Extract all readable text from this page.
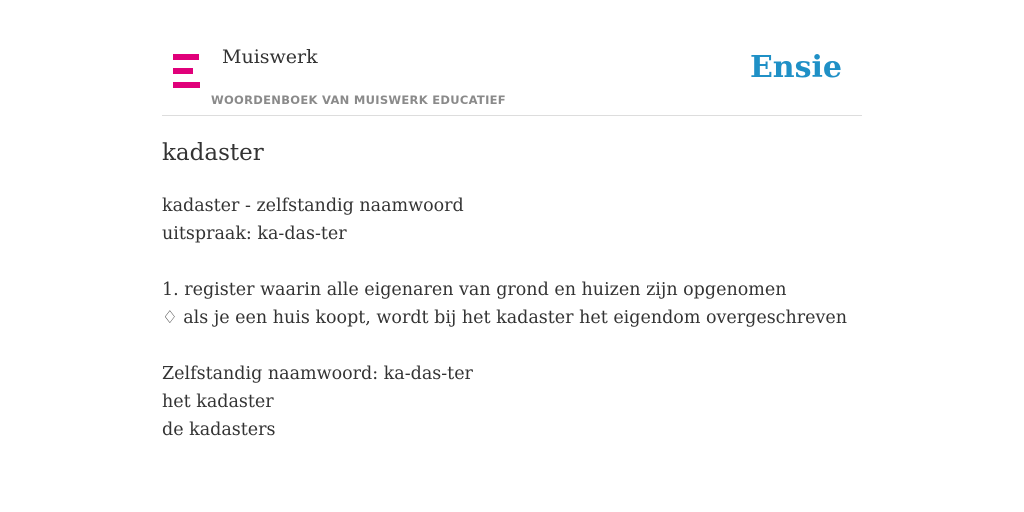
Muiswerk
WOORDENBOEK VAN MUISWERK EDUCATIEF
Ensie
kadaster
kadaster - zelfstandig naamwoord
uitspraak: ka-das-ter
1. register waarin alle eigenaren van grond en huizen zijn opgenomen
♢ als je een huis koopt, wordt bij het kadaster het eigendom overgeschreven
Zelfstandig naamwoord: ka-das-ter
het kadaster
de kadasters
